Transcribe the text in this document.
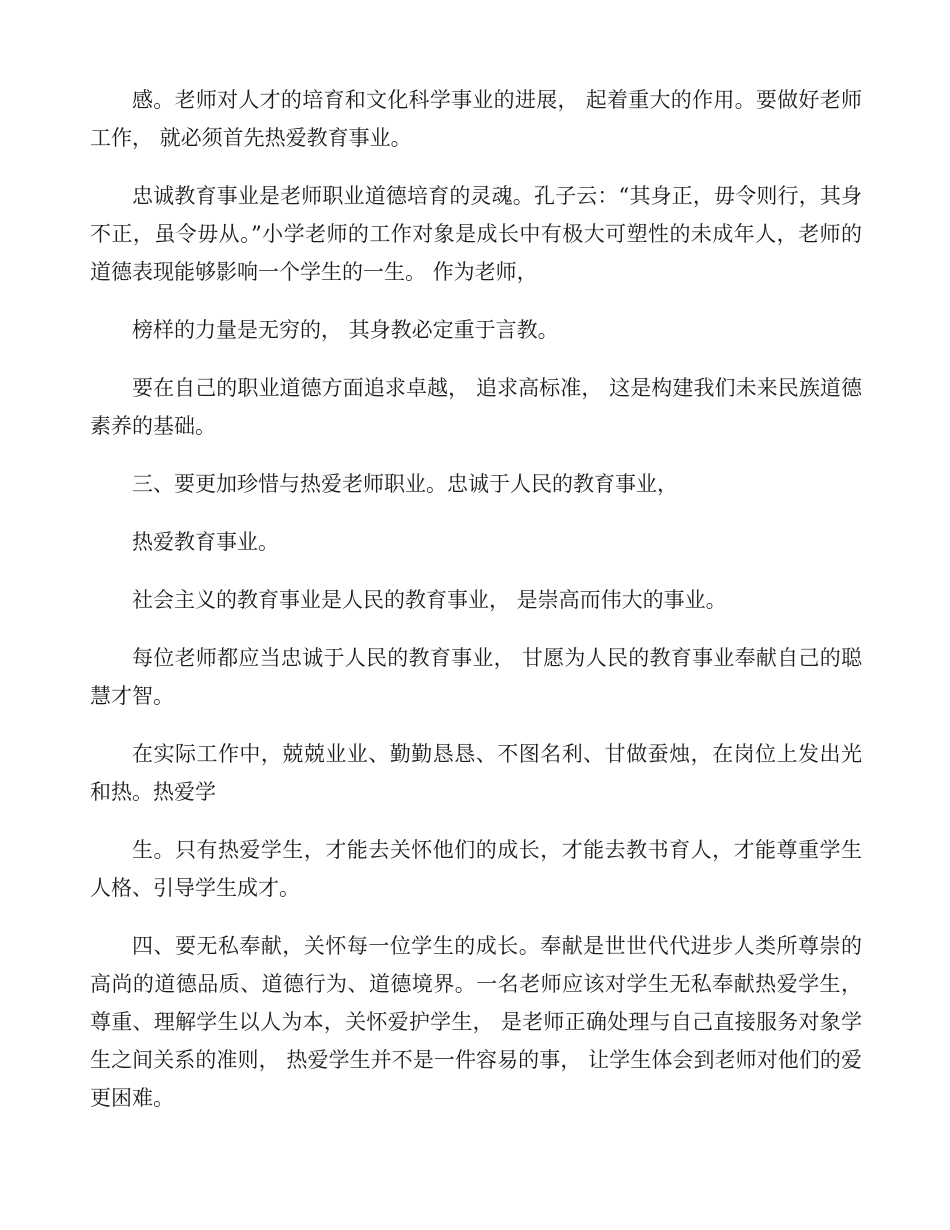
感。老师对人才的培育和文化科学事业的进展， 起着重大的作用。要做好老师工作， 就必须首先热爱教育事业。

忠诚教育事业是老师职业道德培育的灵魂。孔子云：“其身正，毋令则行，其身不正，虽令毋从。”小学老师的工作对象是成长中有极大可塑性的未成年人，老师的道德表现能够影响一个学生的一生。 作为老师，

榜样的力量是无穷的， 其身教必定重于言教。

要在自己的职业道德方面追求卓越， 追求高标准， 这是构建我们未来民族道德素养的基础。

三、要更加珍惜与热爱老师职业。忠诚于人民的教育事业，

热爱教育事业。

社会主义的教育事业是人民的教育事业， 是崇高而伟大的事业。

每位老师都应当忠诚于人民的教育事业， 甘愿为人民的教育事业奉献自己的聪慧才智。

在实际工作中，兢兢业业、勤勤恳恳、不图名利、甘做蚕烛，在岗位上发出光和热。热爱学

生。只有热爱学生，才能去关怀他们的成长，才能去教书育人，才能尊重学生人格、引导学生成才。

四、要无私奉献，关怀每一位学生的成长。奉献是世世代代进步人类所尊崇的高尚的道德品质、道德行为、道德境界。一名老师应该对学生无私奉献热爱学生， 尊重、理解学生以人为本，关怀爱护学生， 是老师正确处理与自己直接服务对象学生之间关系的准则， 热爱学生并不是一件容易的事， 让学生体会到老师对他们的爱更困难。
